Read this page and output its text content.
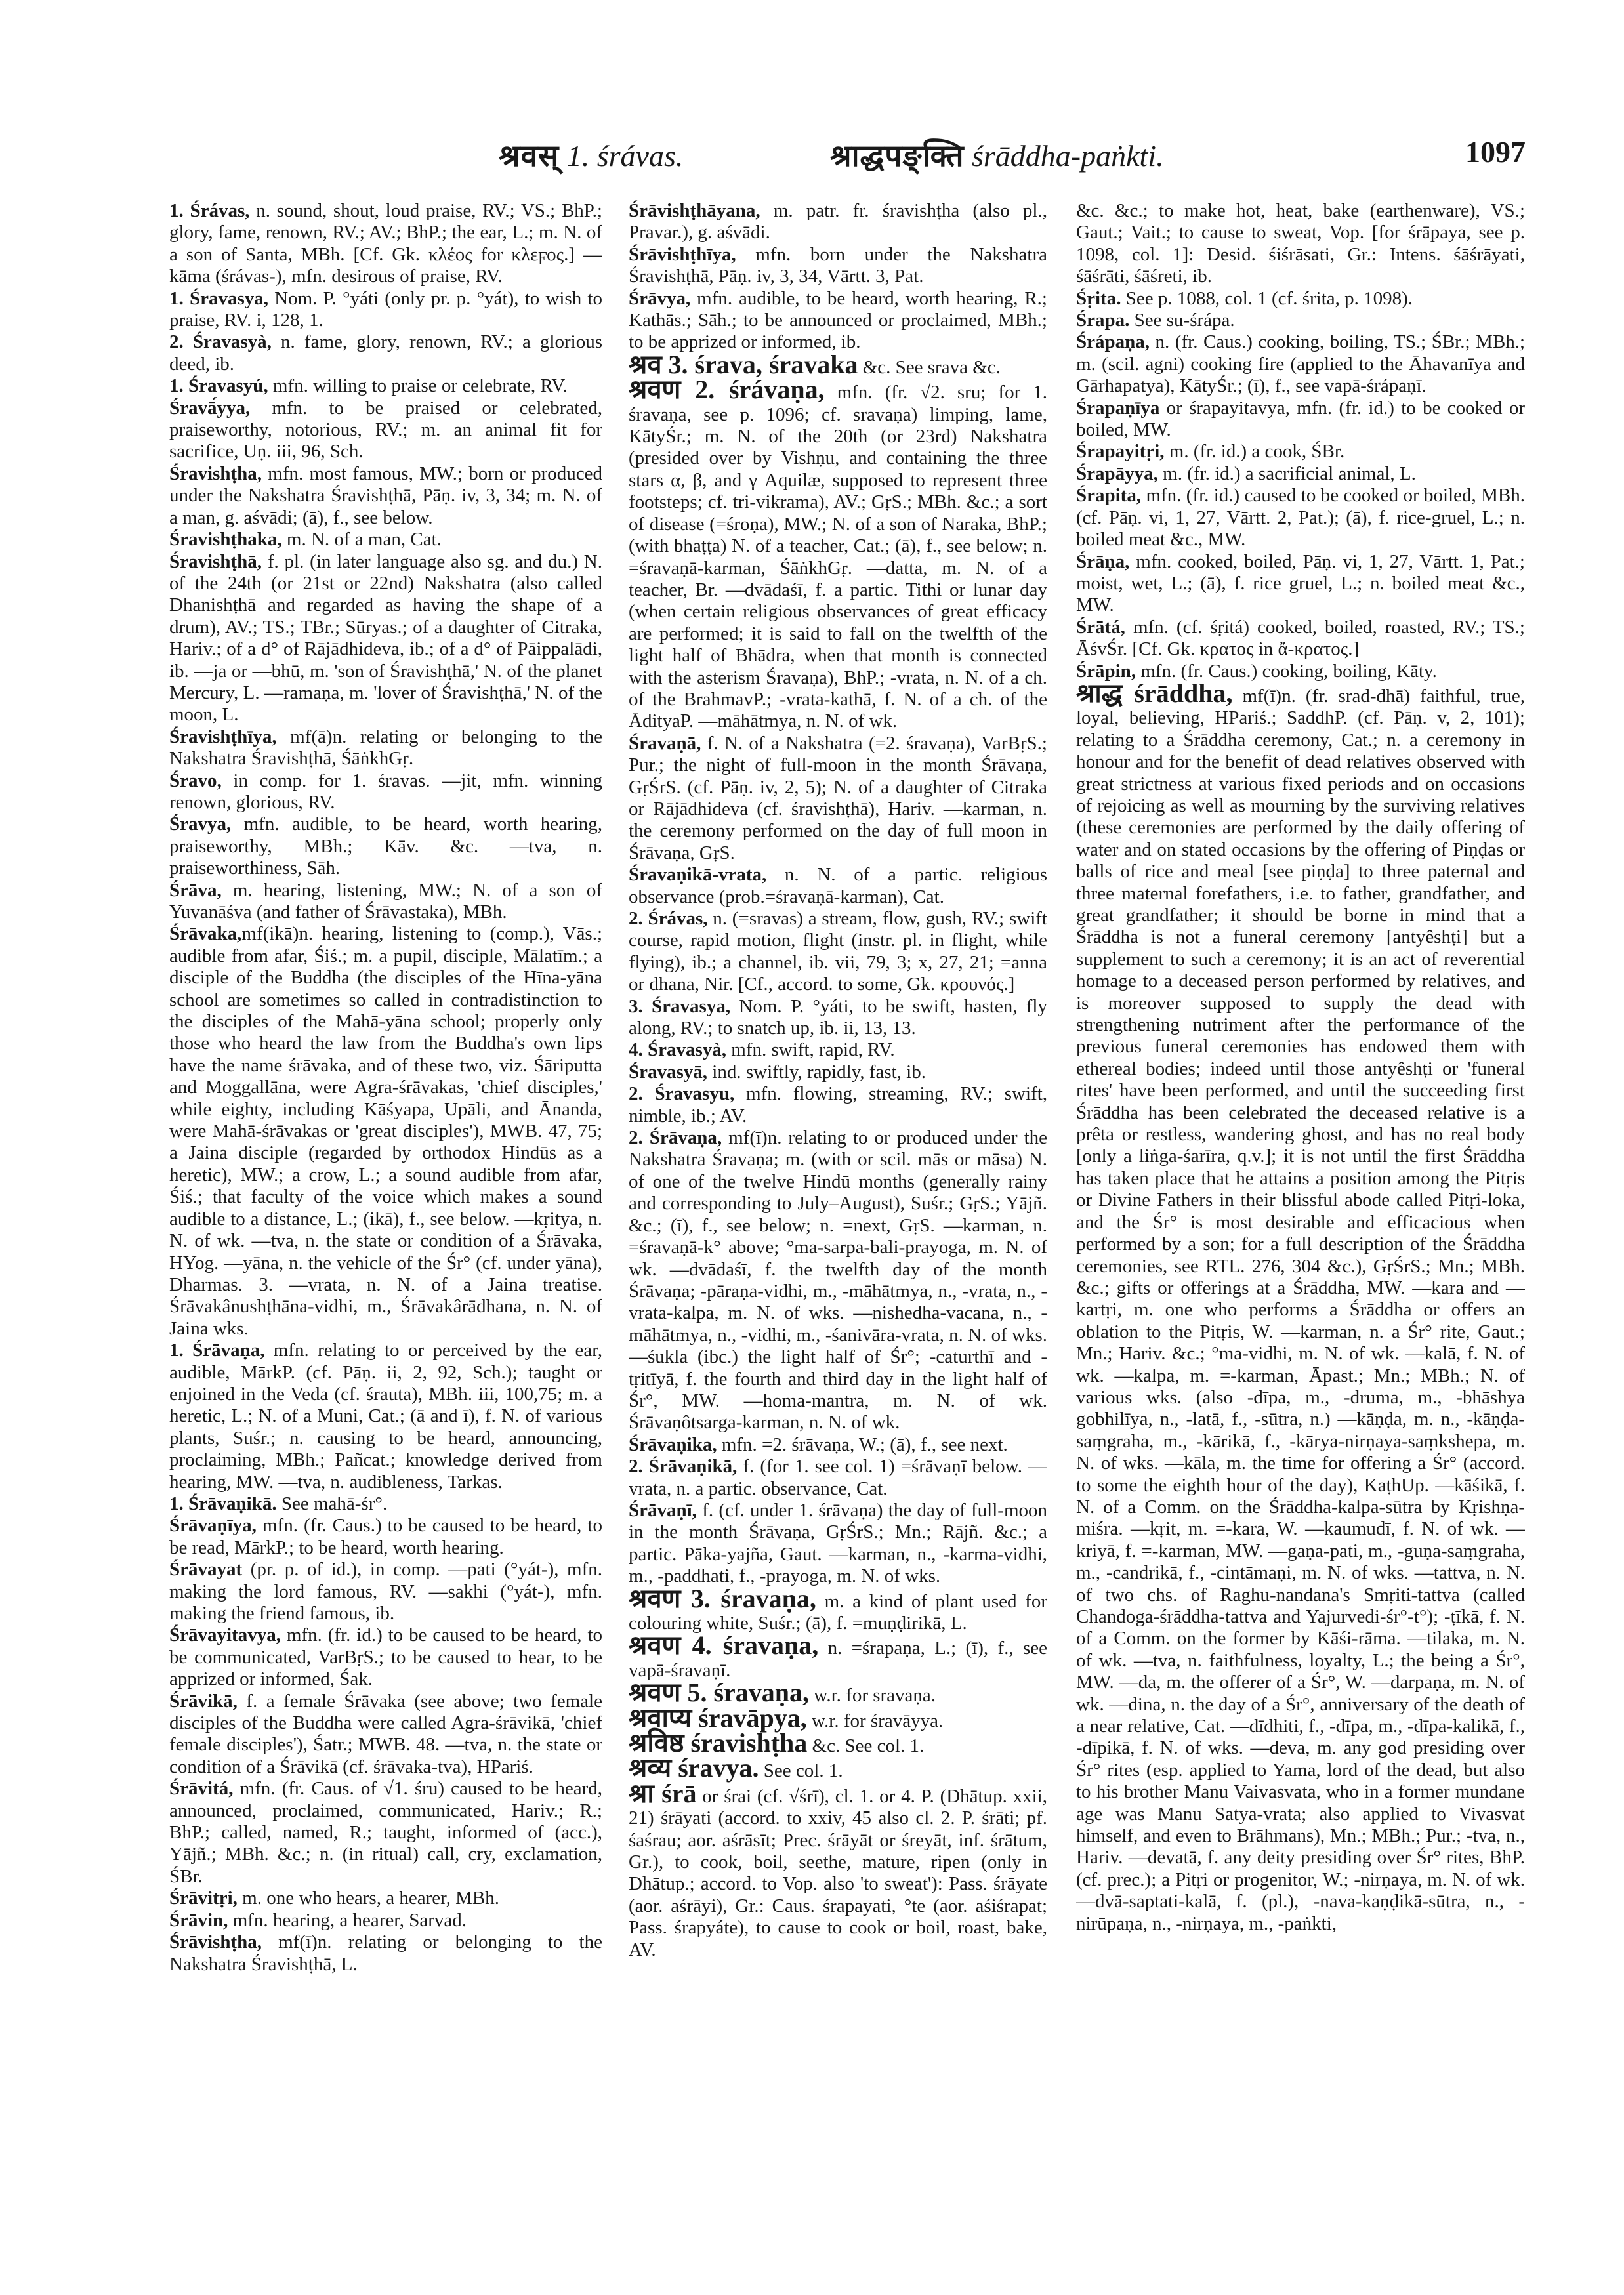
श्रवस् 1. śrávas.	श्राद्धपङ्क्ति śrāddha-paṅkti.	1097

1. Śrávas, n. sound, shout, loud praise, RV.; VS.; BhP.; glory, fame, renown, RV.; AV.; BhP.; the ear, L.; m. N. of a son of Santa, MBh. [Cf. Gk. κλέος for κλεϝος.] —kāma (śrávas-), mfn. desirous of praise, RV.

1. Śravasya, Nom. P. °yáti (only pr. p. °yát), to wish to praise, RV. i, 128, 1.

2. Śravasyà, n. fame, glory, renown, RV.; a glorious deed, ib.

1. Śravasyú, mfn. willing to praise or celebrate, RV.

Śravā́yya, mfn. to be praised or celebrated, praiseworthy, notorious, RV.; m. an animal fit for sacrifice, Uṇ. iii, 96, Sch.

Śravishṭha, mfn. most famous, MW.; born or produced under the Nakshatra Śravishṭhā, Pāṇ. iv, 3, 34; m. N. of a man, g. aśvādi; (ā), f., see below.

Śravishṭhaka, m. N. of a man, Cat.

Śravishṭhā, f. pl. (in later language also sg. and du.) N. of the 24th (or 21st or 22nd) Nakshatra (also called Dhanishṭhā and regarded as having the shape of a drum), AV.; TS.; TBr.; Sūryas.; of a daughter of Citraka, Hariv.; of a d° of Rājādhideva, ib.; of a d° of Pāippalādi, ib. —ja or —bhū, m. 'son of Śravishṭhā,' N. of the planet Mercury, L. —ramaṇa, m. 'lover of Śravishṭhā,' N. of the moon, L.

Śravishṭhīya, mf(ā)n. relating or belonging to the Nakshatra Śravishṭhā, ŚāṅkhGṛ.

Śravo, in comp. for 1. śravas. —jit, mfn. winning renown, glorious, RV.

Śravya, mfn. audible, to be heard, worth hearing, praiseworthy, MBh.; Kāv. &c. —tva, n. praiseworthiness, Sāh.

Śrāva, m. hearing, listening, MW.; N. of a son of Yuvanāśva (and father of Śrāvastaka), MBh.

Śrāvaka,mf(ikā)n. hearing, listening to (comp.), Vās.; audible from afar, Śiś.; m. a pupil, disciple, Mālatīm.; a disciple of the Buddha (the disciples of the Hīna-yāna school are sometimes so called in contradistinction to the disciples of the Mahā-yāna school; properly only those who heard the law from the Buddha's own lips have the name śrāvaka, and of these two, viz. Śāriputta and Moggallāna, were Agra-śrāvakas, 'chief disciples,' while eighty, including Kāśyapa, Upāli, and Ānanda, were Mahā-śrāvakas or 'great disciples'), MWB. 47, 75; a Jaina disciple (regarded by orthodox Hindūs as a heretic), MW.; a crow, L.; a sound audible from afar, Śiś.; that faculty of the voice which makes a sound audible to a distance, L.; (ikā), f., see below. —kṛitya, n. N. of wk. —tva, n. the state or condition of a Śrāvaka, HYog. —yāna, n. the vehicle of the Śr° (cf. under yāna), Dharmas. 3. —vrata, n. N. of a Jaina treatise. Śrāvakânushṭhāna-vidhi, m., Śrāvakârādhana, n. N. of Jaina wks.

1. Śrāvaṇa, mfn. relating to or perceived by the ear, audible, MārkP. (cf. Pāṇ. ii, 2, 92, Sch.); taught or enjoined in the Veda (cf. śrauta), MBh. iii, 100,75; m. a heretic, L.; N. of a Muni, Cat.; (ā and ī), f. N. of various plants, Suśr.; n. causing to be heard, announcing, proclaiming, MBh.; Pañcat.; knowledge derived from hearing, MW. —tva, n. audibleness, Tarkas.

1. Śrāvaṇikā. See mahā-śr°.

Śrāvaṇīya, mfn. (fr. Caus.) to be caused to be heard, to be read, MārkP.; to be heard, worth hearing.

Śrāvayat (pr. p. of id.), in comp. —pati (°yát-), mfn. making the lord famous, RV. —sakhi (°yát-), mfn. making the friend famous, ib.

Śrāvayitavya, mfn. (fr. id.) to be caused to be heard, to be communicated, VarBṛS.; to be caused to hear, to be apprized or informed, Śak.

Śrāvikā, f. a female Śrāvaka (see above; two female disciples of the Buddha were called Agra-śrāvikā, 'chief female disciples'), Śatr.; MWB. 48. —tva, n. the state or condition of a Śrāvikā (cf. śrāvaka-tva), HPariś.

Śrāvitá, mfn. (fr. Caus. of √1. śru) caused to be heard, announced, proclaimed, communicated, Hariv.; R.; BhP.; called, named, R.; taught, informed of (acc.), Yājñ.; MBh. &c.; n. (in ritual) call, cry, exclamation, ŚBr.

Śrāvitṛi, m. one who hears, a hearer, MBh.

Śrāvin, mfn. hearing, a hearer, Sarvad.

Śrāvishṭha, mf(ī)n. relating or belonging to the Nakshatra Śravishṭhā, L.

Śrāvishṭhāyana, m. patr. fr. śravishṭha (also pl., Pravar.), g. aśvādi.

Śrāvishṭhīya, mfn. born under the Nakshatra Śravishṭhā, Pāṇ. iv, 3, 34, Vārtt. 3, Pat.

Śrāvya, mfn. audible, to be heard, worth hearing, R.; Kathās.; Sāh.; to be announced or proclaimed, MBh.; to be apprized or informed, ib.

श्रव 3. śrava, śravaka &c. See srava &c.

श्रवण 2. śrávaṇa, mfn. (fr. √2. sru; for 1. śravaṇa, see p. 1096; cf. sravaṇa) limping, lame, KātyŚr.; m. N. of the 20th (or 23rd) Nakshatra (presided over by Vishṇu, and containing the three stars α, β, and γ Aquilæ, supposed to represent three footsteps; cf. tri-vikrama), AV.; GṛS.; MBh. &c.; a sort of disease (=śroṇa), MW.; N. of a son of Naraka, BhP.; (with bhaṭṭa) N. of a teacher, Cat.; (ā), f., see below; n. =śravaṇā-karman, ŚāṅkhGṛ. —datta, m. N. of a teacher, Br. —dvādaśī, f. a partic. Tithi or lunar day (when certain religious observances of great efficacy are performed; it is said to fall on the twelfth of the light half of Bhādra, when that month is connected with the asterism Śravaṇa), BhP.; -vrata, n. N. of a ch. of the BrahmavP.; -vrata-kathā, f. N. of a ch. of the ĀdityaP. —māhātmya, n. N. of wk.

Śravaṇā, f. N. of a Nakshatra (=2. śravaṇa), VarBṛS.; Pur.; the night of full-moon in the month Śrāvaṇa, GṛŚrS. (cf. Pāṇ. iv, 2, 5); N. of a daughter of Citraka or Rājādhideva (cf. śravishṭhā), Hariv. —karman, n. the ceremony performed on the day of full moon in Śrāvaṇa, GṛS.

Śravaṇikā-vrata, n. N. of a partic. religious observance (prob.=śravaṇā-karman), Cat.

2. Śrávas, n. (=sravas) a stream, flow, gush, RV.; swift course, rapid motion, flight (instr. pl. in flight, while flying), ib.; a channel, ib. vii, 79, 3; x, 27, 21; =anna or dhana, Nir. [Cf., accord. to some, Gk. κρουνός.]

3. Śravasya, Nom. P. °yáti, to be swift, hasten, fly along, RV.; to snatch up, ib. ii, 13, 13.

4. Śravasyà, mfn. swift, rapid, RV.

Śravasyā, ind. swiftly, rapidly, fast, ib.

2. Śravasyu, mfn. flowing, streaming, RV.; swift, nimble, ib.; AV.

2. Śrāvaṇa, mf(ī)n. relating to or produced under the Nakshatra Śravaṇa; m. (with or scil. mās or māsa) N. of one of the twelve Hindū months (generally rainy and corresponding to July–August), Suśr.; GṛS.; Yājñ. &c.; (ī), f., see below; n. =next, GṛS. —karman, n. =śravaṇā-k° above; °ma-sarpa-bali-prayoga, m. N. of wk. —dvādaśī, f. the twelfth day of the month Śrāvaṇa; -pāraṇa-vidhi, m., -māhātmya, n., -vrata, n., -vrata-kalpa, m. N. of wks. —nishedha-vacana, n., -māhātmya, n., -vidhi, m., -śanivāra-vrata, n. N. of wks. —śukla (ibc.) the light half of Śr°; -caturthī and -tṛitīyā, f. the fourth and third day in the light half of Śr°, MW. —homa-mantra, m. N. of wk. Śrāvaṇôtsarga-karman, n. N. of wk.

Śrāvaṇika, mfn. =2. śrāvaṇa, W.; (ā), f., see next.

2. Śrāvaṇikā, f. (for 1. see col. 1) =śrāvaṇī below. —vrata, n. a partic. observance, Cat.

Śrāvaṇī, f. (cf. under 1. śrāvaṇa) the day of full-moon in the month Śrāvaṇa, GṛŚrS.; Mn.; Rājñ. &c.; a partic. Pāka-yajña, Gaut. —karman, n., -karma-vidhi, m., -paddhati, f., -prayoga, m. N. of wks.

श्रवण 3. śravaṇa, m. a kind of plant used for colouring white, Suśr.; (ā), f. =muṇḍirikā, L.

श्रवण 4. śravaṇa, n. =śrapaṇa, L.; (ī), f., see vapā-śravaṇī.

श्रवण 5. śravaṇa, w.r. for sravaṇa.

श्रवाप्य śravāpya, w.r. for śravāyya.

श्रविष्ठ śravishṭha &c. See col. 1.

श्रव्य śravya. See col. 1.

श्रा śrā or śrai (cf. √śrī), cl. 1. or 4. P. (Dhātup. xxii, 21) śrāyati (accord. to xxiv, 45 also cl. 2. P. śrāti; pf. śaśrau; aor. aśrāsīt; Prec. śrāyāt or śreyāt, inf. śrātum, Gr.), to cook, boil, seethe, mature, ripen (only in Dhātup.; accord. to Vop. also 'to sweat'): Pass. śrāyate (aor. aśrāyi), Gr.: Caus. śrapayati, °te (aor. aśiśrapat; Pass. śrapyáte), to cause to cook or boil, roast, bake, AV.

&c. &c.; to make hot, heat, bake (earthenware), VS.; Gaut.; Vait.; to cause to sweat, Vop. [for śrāpaya, see p. 1098, col. 1]: Desid. śiśrāsati, Gr.: Intens. śāśrāyati, śāśrāti, śāśreti, ib.

Śṛita. See p. 1088, col. 1 (cf. śrita, p. 1098).

Śrapa. See su-śrápa.

Śrápaṇa, n. (fr. Caus.) cooking, boiling, TS.; ŚBr.; MBh.; m. (scil. agni) cooking fire (applied to the Āhavanīya and Gārhapatya), KātyŚr.; (ī), f., see vapā-śrápaṇī.

Śrapaṇīya or śrapayitavya, mfn. (fr. id.) to be cooked or boiled, MW.

Śrapayitṛi, m. (fr. id.) a cook, ŚBr.

Śrapāyya, m. (fr. id.) a sacrificial animal, L.

Śrapita, mfn. (fr. id.) caused to be cooked or boiled, MBh. (cf. Pāṇ. vi, 1, 27, Vārtt. 2, Pat.); (ā), f. rice-gruel, L.; n. boiled meat &c., MW.

Śrāṇa, mfn. cooked, boiled, Pāṇ. vi, 1, 27, Vārtt. 1, Pat.; moist, wet, L.; (ā), f. rice gruel, L.; n. boiled meat &c., MW.

Śrātá, mfn. (cf. śṛitá) cooked, boiled, roasted, RV.; TS.; ĀśvŚr. [Cf. Gk. κρατος in ἄ-κρατος.]

Śrāpin, mfn. (fr. Caus.) cooking, boiling, Kāty.

श्राद्ध śrāddha, mf(ī)n. (fr. srad-dhā) faithful, true, loyal, believing, HPariś.; SaddhP. (cf. Pāṇ. v, 2, 101); relating to a Śrāddha ceremony, Cat.; n. a ceremony in honour and for the benefit of dead relatives observed with great strictness at various fixed periods and on occasions of rejoicing as well as mourning by the surviving relatives (these ceremonies are performed by the daily offering of water and on stated occasions by the offering of Piṇḍas or balls of rice and meal [see piṇḍa] to three paternal and three maternal forefathers, i.e. to father, grandfather, and great grandfather; it should be borne in mind that a Śrāddha is not a funeral ceremony [antyêshṭi] but a supplement to such a ceremony; it is an act of reverential homage to a deceased person performed by relatives, and is moreover supposed to supply the dead with strengthening nutriment after the performance of the previous funeral ceremonies has endowed them with ethereal bodies; indeed until those antyêshṭi or 'funeral rites' have been performed, and until the succeeding first Śrāddha has been celebrated the deceased relative is a prêta or restless, wandering ghost, and has no real body [only a liṅga-śarīra, q.v.]; it is not until the first Śrāddha has taken place that he attains a position among the Pitṛis or Divine Fathers in their blissful abode called Pitṛi-loka, and the Śr° is most desirable and efficacious when performed by a son; for a full description of the Śrāddha ceremonies, see RTL. 276, 304 &c.), GṛŚrS.; Mn.; MBh. &c.; gifts or offerings at a Śrāddha, MW. —kara and —kartṛi, m. one who performs a Śrāddha or offers an oblation to the Pitṛis, W. —karman, n. a Śr° rite, Gaut.; Mn.; Hariv. &c.; °ma-vidhi, m. N. of wk. —kalā, f. N. of wk. —kalpa, m. =-karman, Āpast.; Mn.; MBh.; N. of various wks. (also -dīpa, m., -druma, m., -bhāshya gobhilīya, n., -latā, f., -sūtra, n.) —kāṇḍa, m. n., -kāṇḍa-saṃgraha, m., -kārikā, f., -kārya-nirṇaya-saṃkshepa, m. N. of wks. —kāla, m. the time for offering a Śr° (accord. to some the eighth hour of the day), KaṭhUp. —kāśikā, f. N. of a Comm. on the Śrāddha-kalpa-sūtra by Kṛishṇa-miśra. —kṛit, m. =-kara, W. —kaumudī, f. N. of wk. —kriyā, f. =-karman, MW. —gaṇa-pati, m., -guṇa-saṃgraha, m., -candrikā, f., -cintāmaṇi, m. N. of wks. —tattva, n. N. of two chs. of Raghu-nandana's Smṛiti-tattva (called Chandoga-śrāddha-tattva and Yajurvedi-śr°-t°); -ṭīkā, f. N. of a Comm. on the former by Kāśi-rāma. —tilaka, m. N. of wk. —tva, n. faithfulness, loyalty, L.; the being a Śr°, MW. —da, m. the offerer of a Śr°, W. —darpaṇa, m. N. of wk. —dina, n. the day of a Śr°, anniversary of the death of a near relative, Cat. —dīdhiti, f., -dīpa, m., -dīpa-kalikā, f., -dīpikā, f. N. of wks. —deva, m. any god presiding over Śr° rites (esp. applied to Yama, lord of the dead, but also to his brother Manu Vaivasvata, who in a former mundane age was Manu Satya-vrata; also applied to Vivasvat himself, and even to Brāhmans), Mn.; MBh.; Pur.; -tva, n., Hariv. —devatā, f. any deity presiding over Śr° rites, BhP. (cf. prec.); a Pitṛi or progenitor, W.; -nirṇaya, m. N. of wk. —dvā-saptati-kalā, f. (pl.), -nava-kaṇḍikā-sūtra, n., -nirūpaṇa, n., -nirṇaya, m., -paṅkti,
